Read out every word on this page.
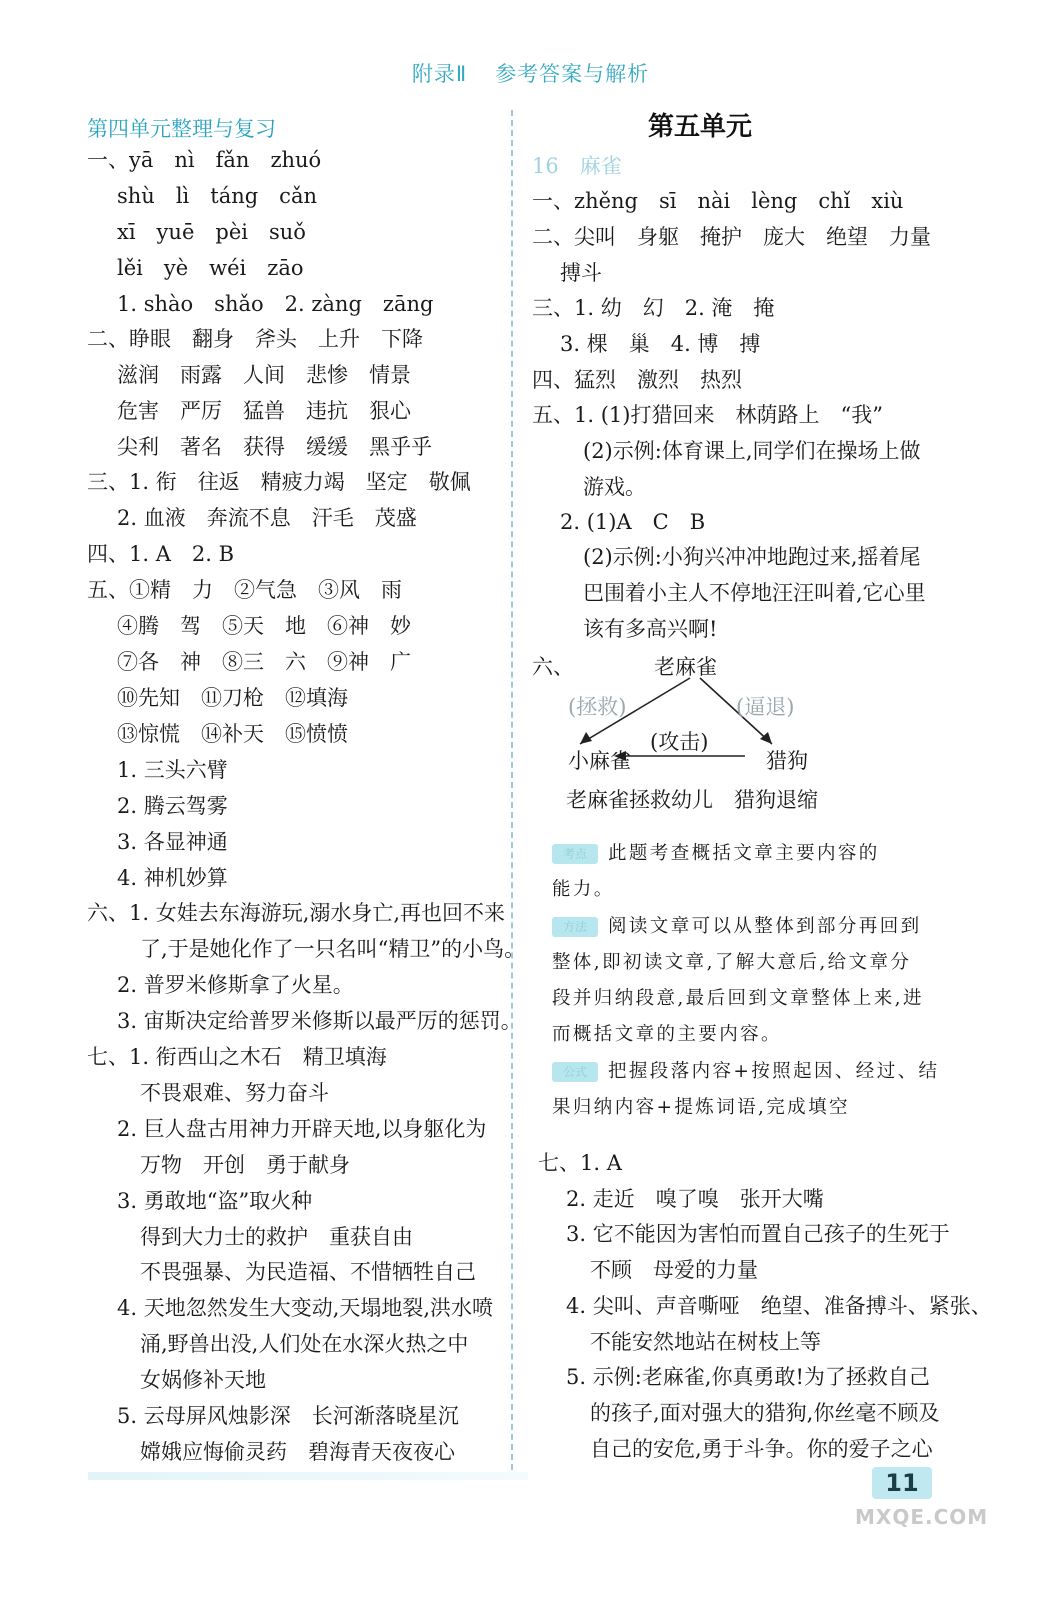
附录Ⅱ 参考答案与解析
第四单元整理与复习
一、yā　nì　fǎn　zhuó
shù　lì　táng　cǎn
xī　yuē　pèi　suǒ
lěi　yè　wéi　zāo
1. shào　shǎo　2. zàng　zāng
二、睁眼　翻身　斧头　上升　下降
滋润　雨露　人间　悲惨　情景
危害　严厉　猛兽　违抗　狠心
尖利　著名　获得　缓缓　黑乎乎
三、1. 衔　往返　精疲力竭　坚定　敬佩
2. 血液　奔流不息　汗毛　茂盛
四、1. A　2. B
五、①精　力　②气急　③风　雨
④腾　驾　⑤天　地　⑥神　妙
⑦各　神　⑧三　六　⑨神　广
⑩先知　⑪刀枪　⑫填海
⑬惊慌　⑭补天　⑮愤愤
1. 三头六臂
2. 腾云驾雾
3. 各显神通
4. 神机妙算
六、1. 女娃去东海游玩,溺水身亡,再也回不来
了,于是她化作了一只名叫“精卫”的小鸟。
2. 普罗米修斯拿了火星。
3. 宙斯决定给普罗米修斯以最严厉的惩罚。
七、1. 衔西山之木石　精卫填海
不畏艰难、努力奋斗
2. 巨人盘古用神力开辟天地,以身躯化为
万物　开创　勇于献身
3. 勇敢地“盗”取火种
得到大力士的救护　重获自由
不畏强暴、为民造福、不惜牺牲自己
4. 天地忽然发生大变动,天塌地裂,洪水喷
涌,野兽出没,人们处在水深火热之中
女娲修补天地
5. 云母屏风烛影深　长河渐落晓星沉
嫦娥应悔偷灵药　碧海青天夜夜心
第五单元
16　麻雀
一、zhěng　sī　nài　lèng　chǐ　xiù
二、尖叫　身躯　掩护　庞大　绝望　力量
搏斗
三、1. 幼　幻　2. 淹　掩
3. 棵　巢　4. 博　搏
四、猛烈　激烈　热烈
五、1. (1)打猎回来　林荫路上　“我”
(2)示例:体育课上,同学们在操场上做
游戏。
2. (1)A　C　B
(2)示例:小狗兴冲冲地跑过来,摇着尾
巴围着小主人不停地汪汪叫着,它心里
该有多高兴啊!
六、	老麻雀
(拯救)	(逼退)
(攻击)
小麻雀	猎狗
老麻雀拯救幼儿　猎狗退缩
考点 此题考查概括文章主要内容的
能力。
方法 阅读文章可以从整体到部分再回到
整体,即初读文章,了解大意后,给文章分
段并归纳段意,最后回到文章整体上来,进
而概括文章的主要内容。
公式 把握段落内容+按照起因、经过、结
果归纳内容+提炼词语,完成填空
七、1. A
2. 走近　嗅了嗅　张开大嘴
3. 它不能因为害怕而置自己孩子的生死于
不顾　母爱的力量
4. 尖叫、声音嘶哑　绝望、准备搏斗、紧张、
不能安然地站在树枝上等
5. 示例:老麻雀,你真勇敢!为了拯救自己
的孩子,面对强大的猎狗,你丝毫不顾及
自己的安危,勇于斗争。你的爱子之心
11
MXQE.COM
